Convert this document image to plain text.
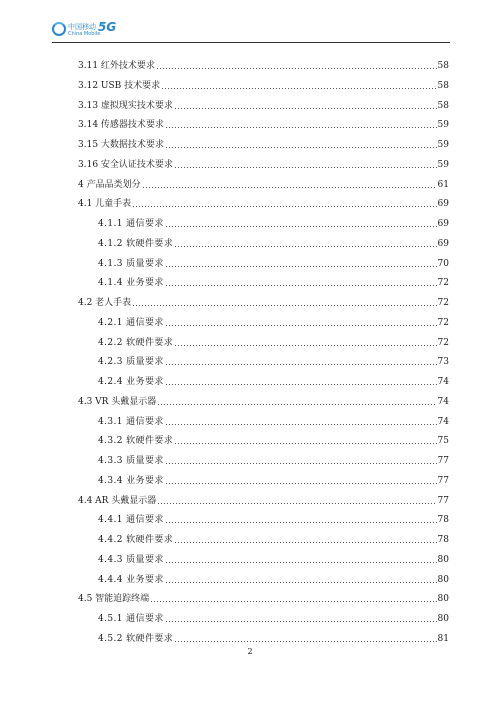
中国移动
China Mobile
5G
3.11 红外技术要求	58
3.12 USB 技术要求	58
3.13 虚拟现实技术要求	58
3.14 传感器技术要求	59
3.15 大数据技术要求	59
3.16 安全认证技术要求	59
4 产品品类划分	61
4.1 儿童手表	69
4.1.1 通信要求	69
4.1.2 软硬件要求	69
4.1.3 质量要求	70
4.1.4 业务要求	72
4.2 老人手表	72
4.2.1 通信要求	72
4.2.2 软硬件要求	72
4.2.3 质量要求	73
4.2.4 业务要求	74
4.3 VR 头戴显示器	74
4.3.1 通信要求	74
4.3.2 软硬件要求	75
4.3.3 质量要求	77
4.3.4 业务要求	77
4.4 AR 头戴显示器	77
4.4.1 通信要求	78
4.4.2 软硬件要求	78
4.4.3 质量要求	80
4.4.4 业务要求	80
4.5 智能追踪终端	80
4.5.1 通信要求	80
4.5.2 软硬件要求	81
2
